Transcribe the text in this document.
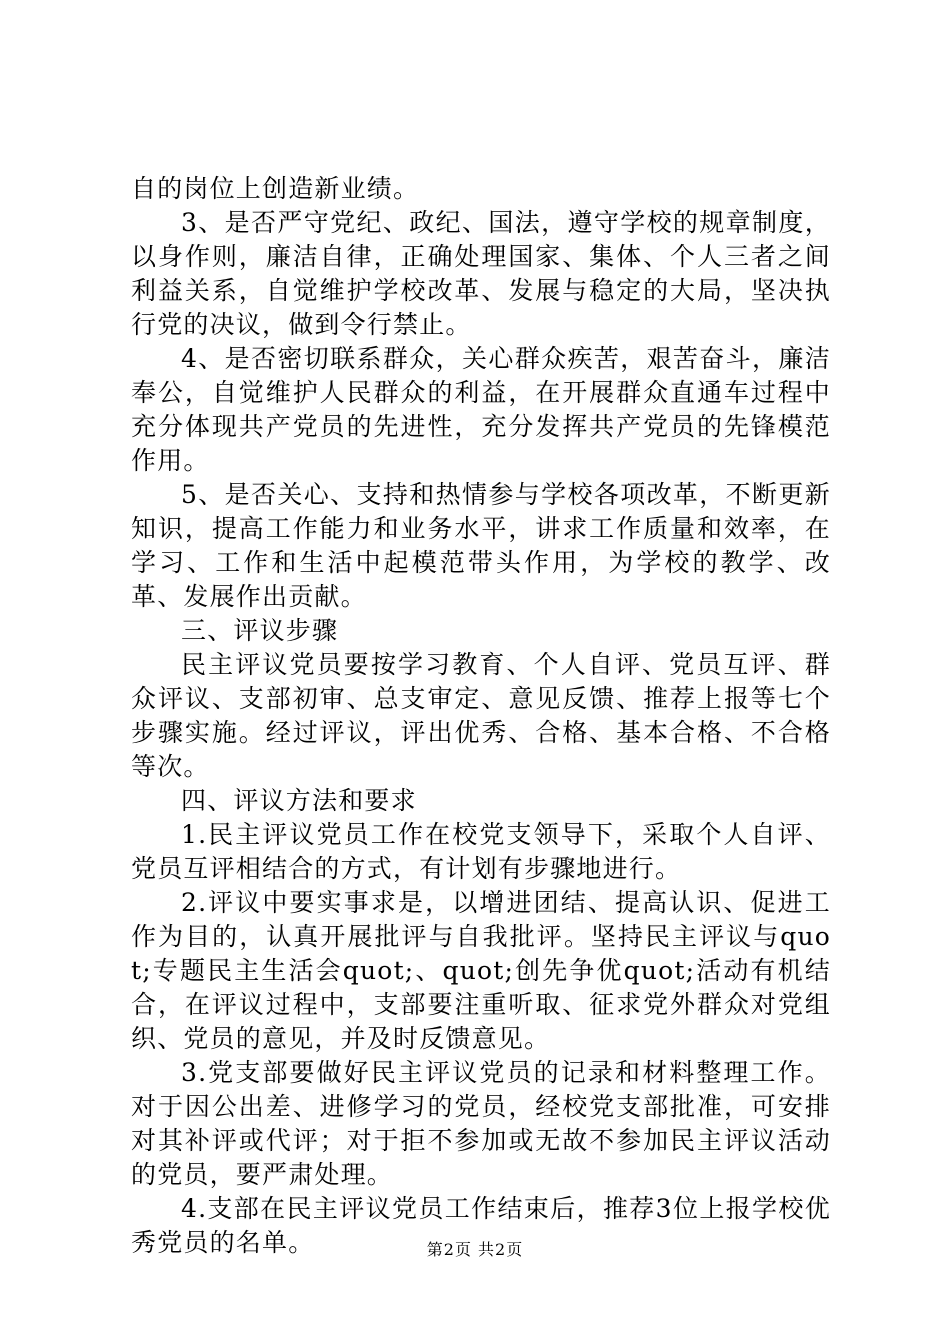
自的岗位上创造新业绩。

3、是否严守党纪、政纪、国法，遵守学校的规章制度，以身作则，廉洁自律，正确处理国家、集体、个人三者之间利益关系，自觉维护学校改革、发展与稳定的大局，坚决执行党的决议，做到令行禁止。

4、是否密切联系群众，关心群众疾苦，艰苦奋斗，廉洁奉公，自觉维护人民群众的利益，在开展群众直通车过程中充分体现共产党员的先进性，充分发挥共产党员的先锋模范作用。

5、是否关心、支持和热情参与学校各项改革，不断更新知识，提高工作能力和业务水平，讲求工作质量和效率，在学习、工作和生活中起模范带头作用，为学校的教学、改革、发展作出贡献。

三、评议步骤

民主评议党员要按学习教育、个人自评、党员互评、群众评议、支部初审、总支审定、意见反馈、推荐上报等七个步骤实施。经过评议，评出优秀、合格、基本合格、不合格等次。

四、评议方法和要求

1.民主评议党员工作在校党支领导下，采取个人自评、党员互评相结合的方式，有计划有步骤地进行。

2.评议中要实事求是，以增进团结、提高认识、促进工作为目的，认真开展批评与自我批评。坚持民主评议与quot;专题民主生活会quot;、quot;创先争优quot;活动有机结合，在评议过程中，支部要注重听取、征求党外群众对党组织、党员的意见，并及时反馈意见。

3.党支部要做好民主评议党员的记录和材料整理工作。对于因公出差、进修学习的党员，经校党支部批准，可安排对其补评或代评；对于拒不参加或无故不参加民主评议活动的党员，要严肃处理。

4.支部在民主评议党员工作结束后，推荐3位上报学校优秀党员的名单。	第2页 共2页
